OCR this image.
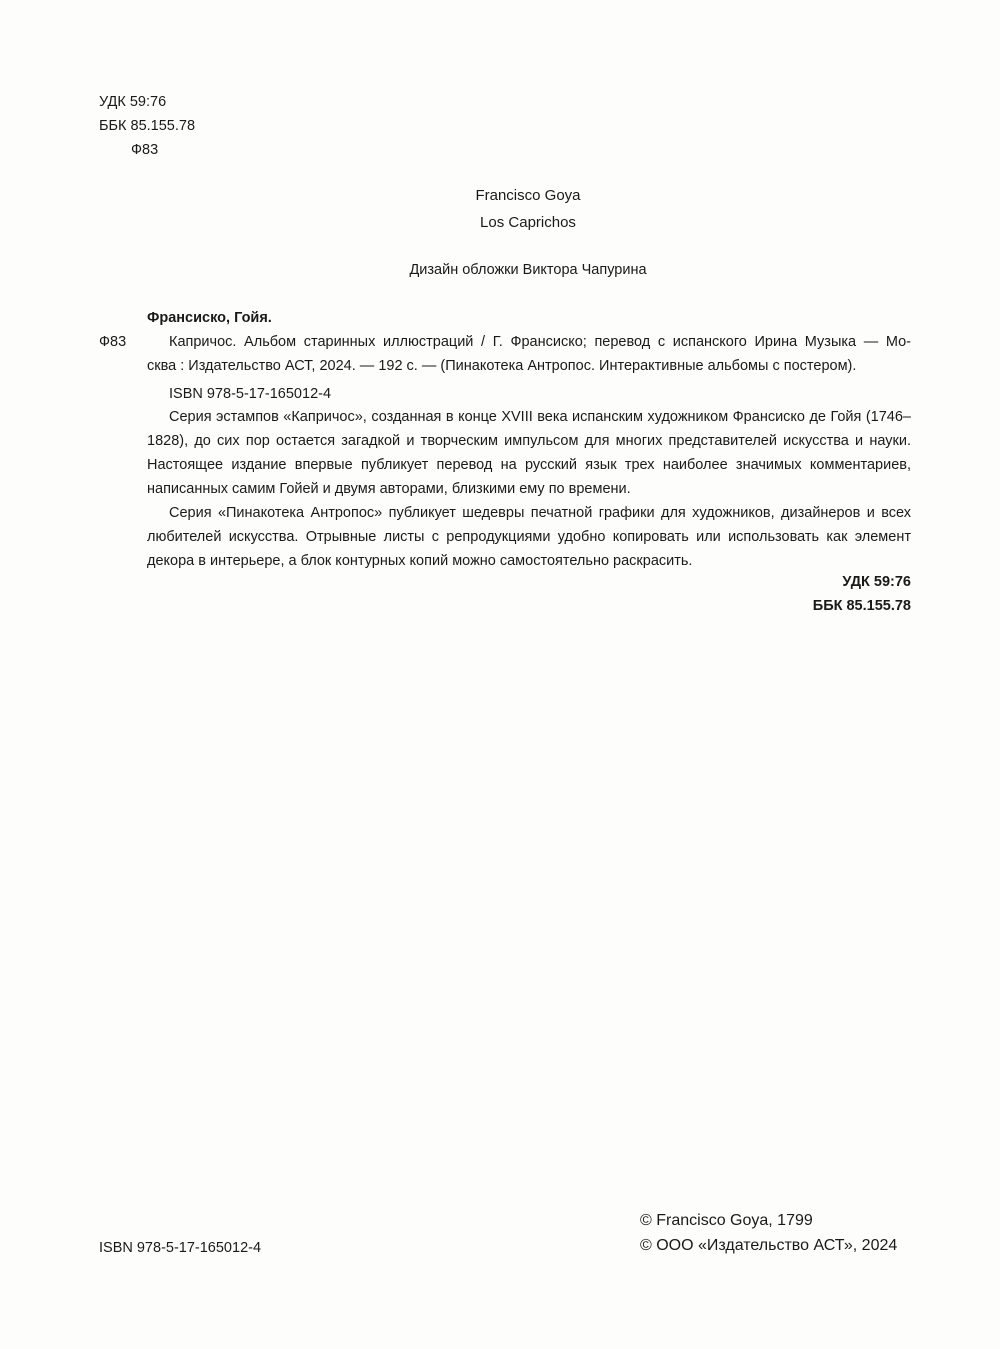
УДК 59:76
ББК 85.155.78
Ф83
Francisco Goya
Los Caprichos
Дизайн обложки Виктора Чапурина
Франсиско, Гойя.
Ф83	Капричос. Альбом старинных иллюстраций / Г. Франсиско; перевод с испанского Ирина Музыка — Мо-
сква : Издательство АСТ, 2024. — 192 с. — (Пинакотека Антропос. Интерактивные альбомы с постером).
ISBN 978-5-17-165012-4

Серия эстампов «Капричос», созданная в конце XVIII века испанским художником Франсиско де Гойя (1746–1828), до сих пор остается загадкой и творческим импульсом для многих представителей искусства и науки. Настоящее издание впервые публикует перевод на русский язык трех наиболее значимых комментариев, написанных самим Гойей и двумя авторами, близкими ему по времени.

Серия «Пинакотека Антропос» публикует шедевры печатной графики для художников, дизайнеров и всех любителей искусства. Отрывные листы с репродукциями удобно копировать или использовать как элемент декора в интерьере, а блок контурных копий можно самостоятельно раскрасить.

УДК 59:76
ББК 85.155.78
ISBN 978-5-17-165012-4
© Francisco Goya, 1799
© ООО «Издательство АСТ», 2024
